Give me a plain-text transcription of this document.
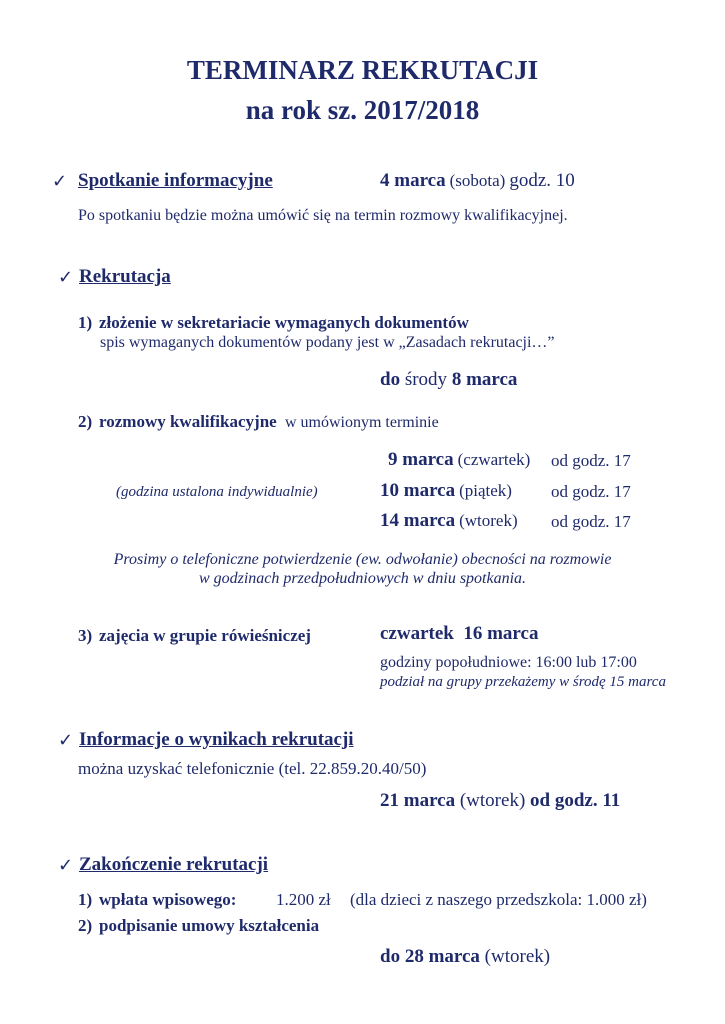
TERMINARZ REKRUTACJI
na rok sz. 2017/2018
✓ Spotkanie informacyjne	4 marca (sobota) godz. 10
Po spotkaniu będzie można umówić się na termin rozmowy kwalifikacyjnej.
✓ Rekrutacja
1) złożenie w sekretariacie wymaganych dokumentów
spis wymaganych dokumentów podany jest w „Zasadach rekrutacji…”
do środy 8 marca
2) rozmowy kwalifikacyjne w umówionym terminie
9 marca (czwartek) od godz. 17
(godzina ustalona indywidualnie)	10 marca (piątek) od godz. 17
14 marca (wtorek) od godz. 17
Prosimy o telefoniczne potwierdzenie (ew. odwołanie) obecności na rozmowie
w godzinach przedpołudniowych w dniu spotkania.
3) zajęcia w grupie rówieśniczej	czwartek  16 marca
godziny popołudniowe: 16:00 lub 17:00
podział na grupy przekażemy w środę 15 marca
✓ Informacje o wynikach rekrutacji
można uzyskać telefonicznie (tel. 22.859.20.40/50)
21 marca (wtorek) od godz. 11
✓ Zakończenie rekrutacji
1) wpłata wpisowego: 1.200 zł (dla dzieci z naszego przedszkola: 1.000 zł)
2) podpisanie umowy kształcenia
do 28 marca (wtorek)
